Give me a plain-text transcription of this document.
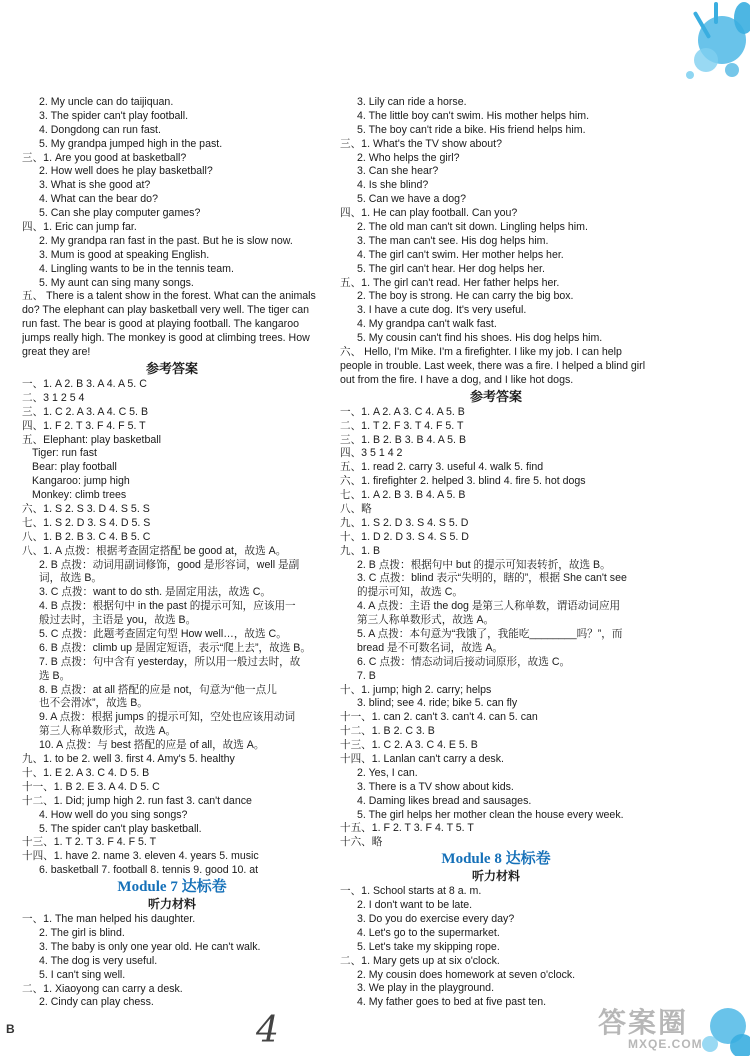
2. My uncle can do taijiquan.
3. The spider can't play football.
4. Dongdong can run fast.
5. My grandpa jumped high in the past.
三、1. Are you good at basketball?
2. How well does he play basketball?
3. What is she good at?
4. What can the bear do?
5. Can she play computer games?
四、1. Eric can jump far.
2. My grandpa ran fast in the past. But he is slow now.
3. Mum is good at speaking English.
4. Lingling wants to be in the tennis team.
5. My aunt can sing many songs.
五、 There is a talent show in the forest. What can the animals do? The elephant can play basketball very well. The tiger can run fast. The bear is good at playing football. The kangaroo jumps really high. The monkey is good at climbing trees. How great they are!
参考答案
一、1. A 2. B 3. A 4. A 5. C
二、3 1 2 5 4
三、1. C 2. A 3. A 4. C 5. B
四、1. F 2. T 3. F 4. F 5. T
五、Elephant: play basketball
Tiger: run fast
Bear: play football
Kangaroo: jump high
Monkey: climb trees
六、1. S 2. S 3. D 4. S 5. S
七、1. S 2. D 3. S 4. D 5. S
八、1. B 2. B 3. C 4. B 5. C
八、1. A 点拨：根据考查固定搭配 be good at，故选 A。
2. B 点拨：动词用副词修饰，good 是形容词，well 是副
词，故选 B。
3. C 点拨：want to do sth. 是固定用法，故选 C。
4. B 点拨：根据句中 in the past 的提示可知，应该用一
般过去时，主语是 you，故选 B。
5. C 点拨：此题考查固定句型 How well…，故选 C。
6. B 点拨：climb up 是固定短语，表示“爬上去”，故选 B。
7. B 点拨：句中含有 yesterday，所以用一般过去时，故
选 B。
8. B 点拨：at all 搭配的应是 not，句意为“他一点儿
也不会滑冰”，故选 B。
9. A 点拨：根据 jumps 的提示可知，空处也应该用动词
第三人称单数形式，故选 A。
10. A 点拨：与 best 搭配的应是 of all，故选 A。
九、1. to be 2. well 3. first 4. Amy's 5. healthy
十、1. E 2. A 3. C 4. D 5. B
十一、1. B 2. E 3. A 4. D 5. C
十二、1. Did; jump high 2. run fast 3. can't dance
4. How well do you sing songs?
5. The spider can't play basketball.
十三、1. T 2. T 3. F 4. F 5. T
十四、1. have 2. name 3. eleven 4. years 5. music
6. basketball 7. football 8. tennis 9. good 10. at
Module 7 达标卷
听力材料
一、1. The man helped his daughter.
2. The girl is blind.
3. The baby is only one year old. He can't walk.
4. The dog is very useful.
5. I can't sing well.
二、1. Xiaoyong can carry a desk.
2. Cindy can play chess.
3. Lily can ride a horse.
4. The little boy can't swim. His mother helps him.
5. The boy can't ride a bike. His friend helps him.
三、1. What's the TV show about?
2. Who helps the girl?
3. Can she hear?
4. Is she blind?
5. Can we have a dog?
四、1. He can play football. Can you?
2. The old man can't sit down. Lingling helps him.
3. The man can't see. His dog helps him.
4. The girl can't swim. Her mother helps her.
5. The girl can't hear. Her dog helps her.
五、1. The girl can't read. Her father helps her.
2. The boy is strong. He can carry the big box.
3. I have a cute dog. It's very useful.
4. My grandpa can't walk fast.
5. My cousin can't find his shoes. His dog helps him.
六、 Hello, I'm Mike. I'm a firefighter. I like my job. I can help people in trouble. Last week, there was a fire. I helped a blind girl out from the fire. I have a dog, and I like hot dogs.
参考答案
一、1. A 2. A 3. C 4. A 5. B
二、1. T 2. F 3. T 4. F 5. T
三、1. B 2. B 3. B 4. A 5. B
四、3 5 1 4 2
五、1. read 2. carry 3. useful 4. walk 5. find
六、1. firefighter 2. helped 3. blind 4. fire 5. hot dogs
七、1. A 2. B 3. B 4. A 5. B
八、略
九、1. S 2. D 3. S 4. S 5. D
十、1. D 2. D 3. S 4. S 5. D
九、1. B
2. B 点拨：根据句中 but 的提示可知表转折，故选 B。
3. C 点拨：blind 表示“失明的，瞎的”，根据 She can't see
的提示可知，故选 C。
4. A 点拨：主语 the dog 是第三人称单数，谓语动词应用
第三人称单数形式，故选 A。
5. A 点拨：本句意为“我饿了，我能吃________吗？”，而
bread 是不可数名词，故选 A。
6. C 点拨：情态动词后接动词原形，故选 C。
7. B
十、1. jump; high 2. carry; helps
3. blind; see 4. ride; bike 5. can fly
十一、1. can 2. can't 3. can't 4. can 5. can
十二、1. B 2. C 3. B
十三、1. C 2. A 3. C 4. E 5. B
十四、1. Lanlan can't carry a desk.
2. Yes, I can.
3. There is a TV show about kids.
4. Daming likes bread and sausages.
5. The girl helps her mother clean the house every week.
十五、1. F 2. T 3. F 4. T 5. T
十六、略
Module 8 达标卷
听力材料
一、1. School starts at 8 a. m.
2. I don't want to be late.
3. Do you do exercise every day?
4. Let's go to the supermarket.
5. Let's take my skipping rope.
二、1. Mary gets up at six o'clock.
2. My cousin does homework at seven o'clock.
3. We play in the playground.
4. My father goes to bed at five past ten.
B	4	答案圈
MXQE.COM
